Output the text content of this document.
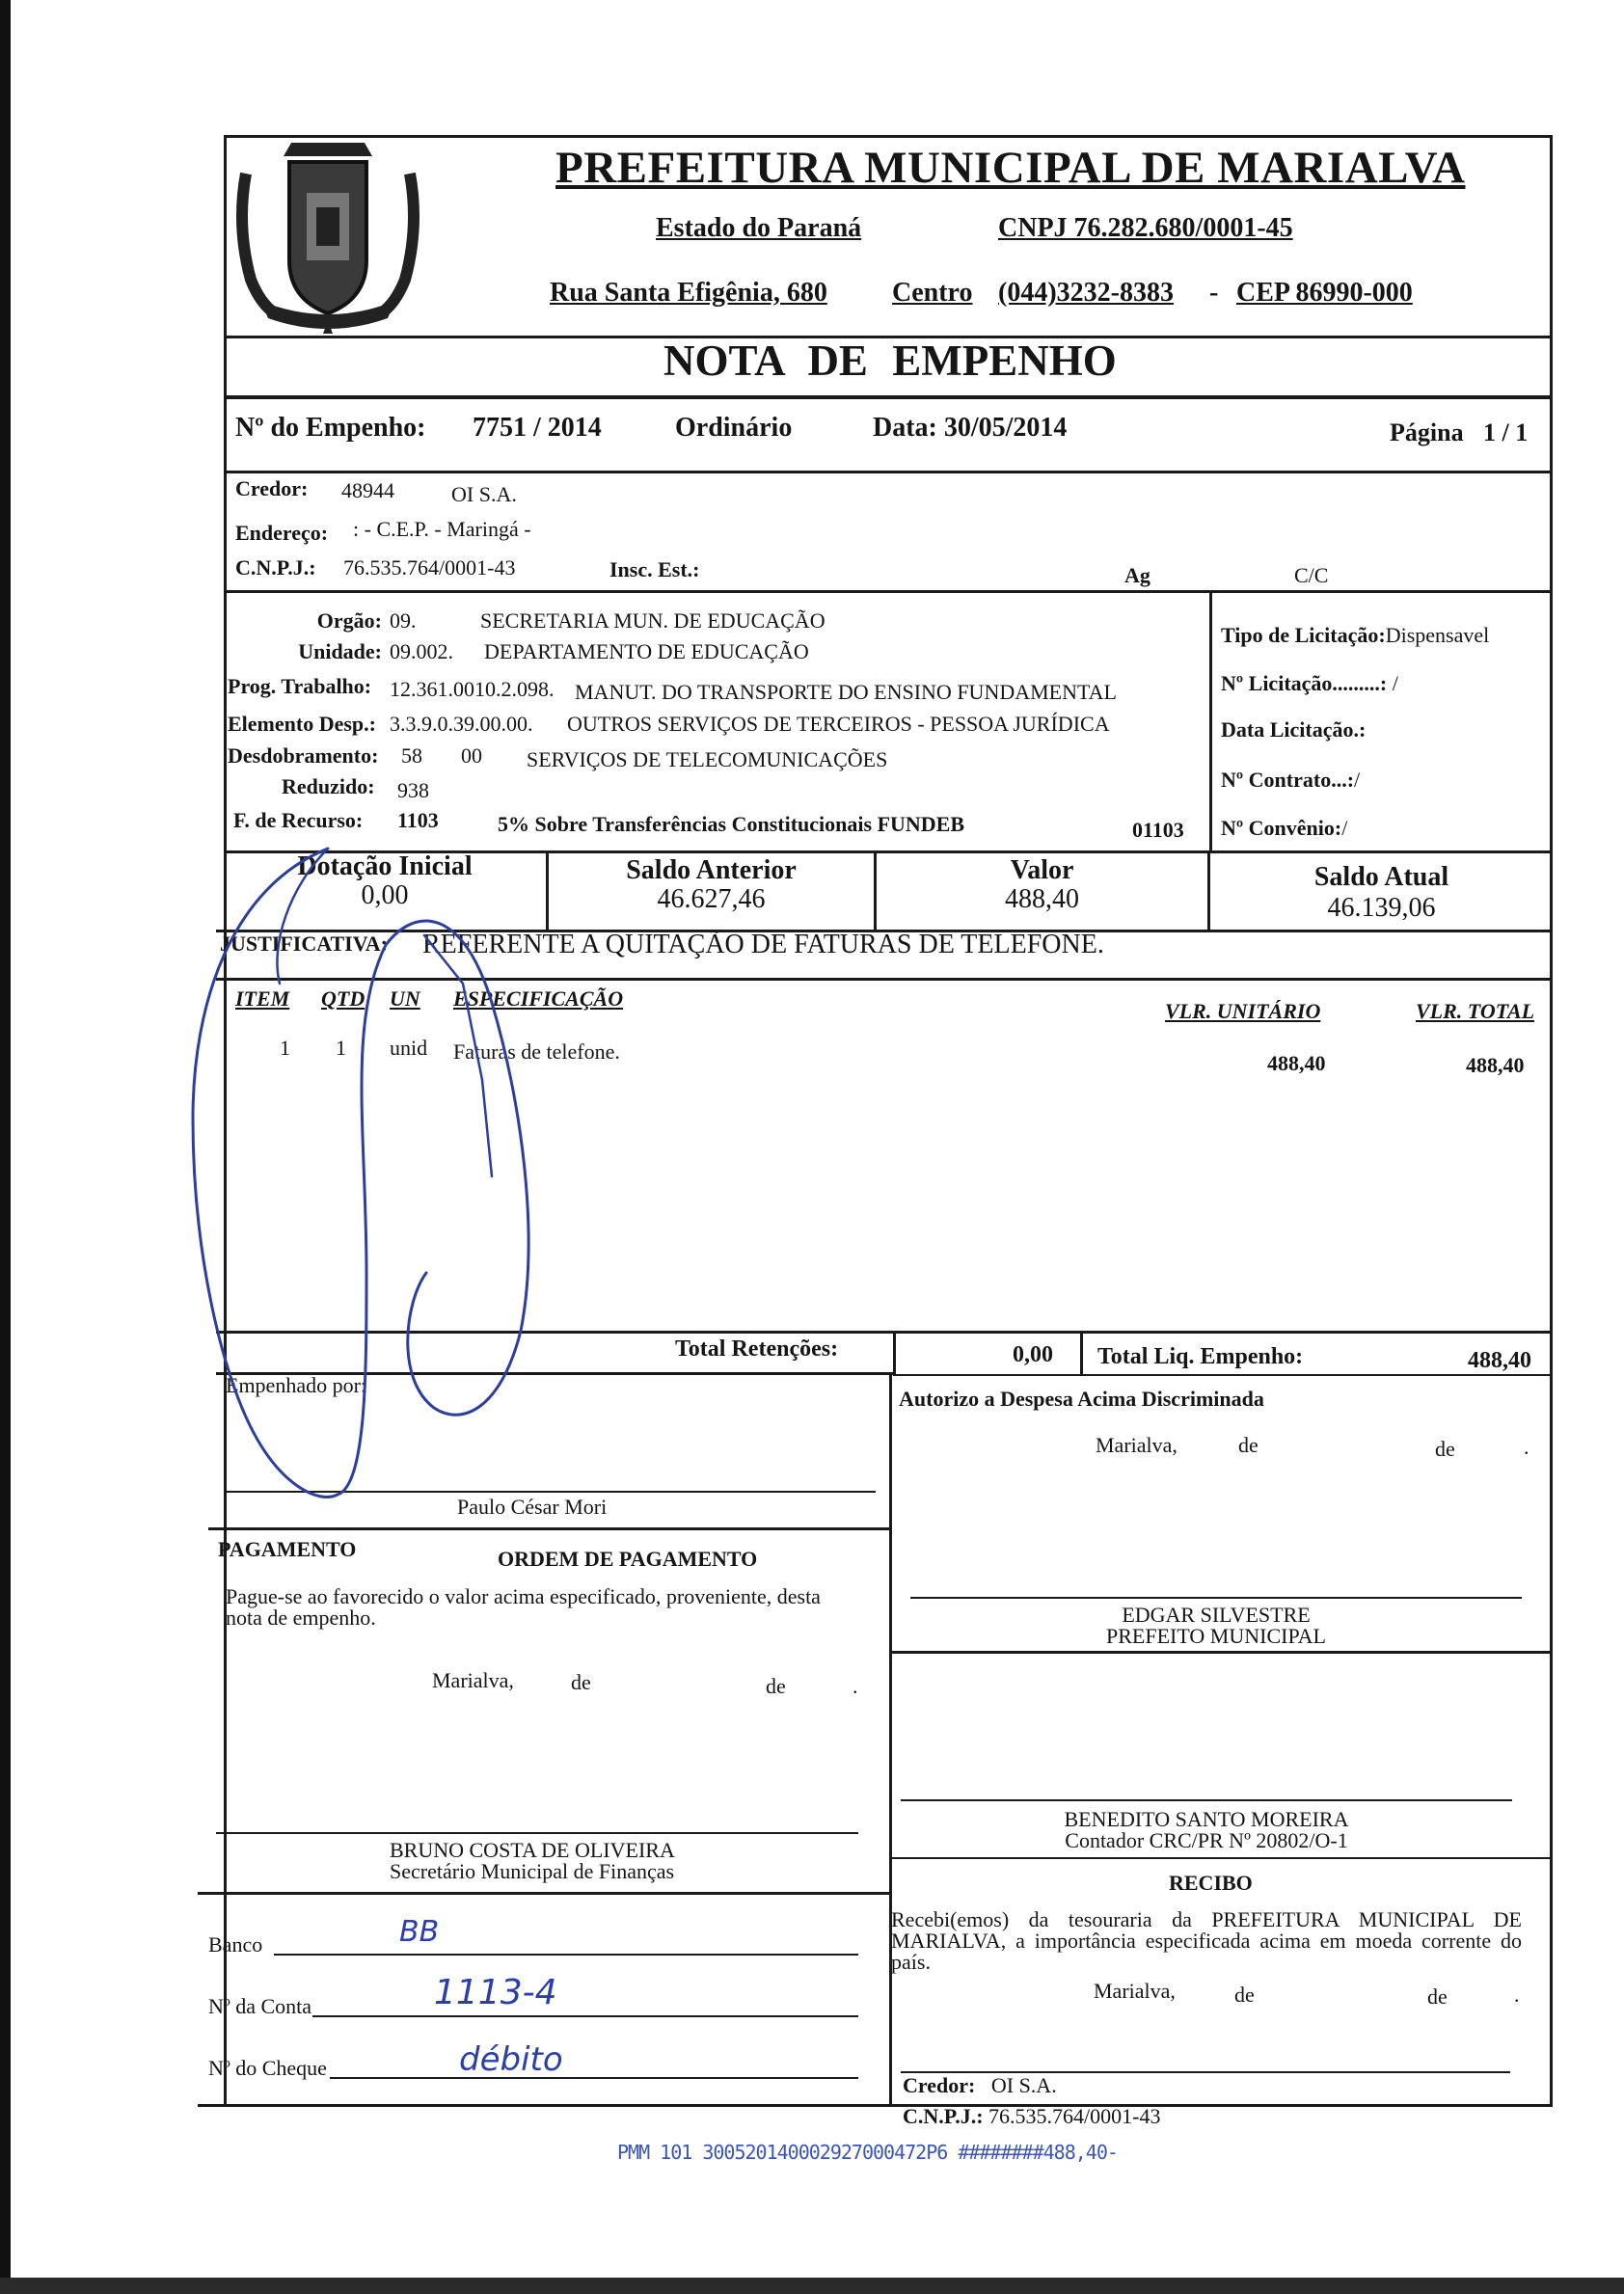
PREFEITURA MUNICIPAL DE MARIALVA
Estado do Paraná	CNPJ 76.282.680/0001-45
Rua Santa Efigênia, 680 Centro (044)3232-8383 - CEP 86990-000
NOTA DE EMPENHO
Nº do Empenho: 7751 / 2014	Ordinário	Data: 30/05/2014	Página 1 / 1
Credor: 48944	OI S.A.
Endereço: : - C.E.P. - Maringá -
C.N.P.J.: 76.535.764/0001-43	Insc. Est.:	Ag	C/C
Orgão: 09.	SECRETARIA MUN. DE EDUCAÇÃO
Unidade: 09.002. DEPARTAMENTO DE EDUCAÇÃO
Prog. Trabalho: 12.361.0010.2.098. MANUT. DO TRANSPORTE DO ENSINO FUNDAMENTAL
Elemento Desp.: 3.3.9.0.39.00.00. OUTROS SERVIÇOS DE TERCEIROS - PESSOA JURÍDICA
Desdobramento: 58 00 SERVIÇOS DE TELECOMUNICAÇÕES
Reduzido: 938
F. de Recurso: 1103	5% Sobre Transferências Constitucionais FUNDEB	01103
Tipo de Licitação:Dispensavel
Nº Licitação.........: /
Data Licitação.:
Nº Contrato...:/
Nº Convênio:/
Dotação Inicial
0,00
Saldo Anterior
46.627,46
Valor
488,40
Saldo Atual
46.139,06
JUSTIFICATIVA: REFERENTE A QUITAÇÃO DE FATURAS DE TELEFONE.
ITEM QTD UN ESPECIFICAÇÃO
VLR. UNITÁRIO	VLR. TOTAL
1 1 unid Faturas de telefone.	488,40	488,40
Total Retenções:	0,00 Total Liq. Empenho:	488,40
Empenhado por:
Paulo César Mori
Autorizo a Despesa Acima Discriminada
Marialva,	de	de	.
PAGAMENTO	ORDEM DE PAGAMENTO
Pague-se ao favorecido o valor acima especificado, proveniente, desta nota de empenho.
Marialva,	de	de	.
EDGAR SILVESTRE
PREFEITO MUNICIPAL
BENEDITO SANTO MOREIRA
Contador CRC/PR Nº 20802/O-1
BRUNO COSTA DE OLIVEIRA
Secretário Municipal de Finanças
Banco	BB
Nº da Conta	1113-4
Nº do Cheque	débito
RECIBO
Recebi(emos) da tesouraria da PREFEITURA MUNICIPAL DE MARIALVA, a importância especificada acima em moeda corrente do país.
Marialva,	de	de	.
Credor: OI S.A.
C.N.P.J.: 76.535.764/0001-43
PMM 101 300520140002927000472P6 ########488,40-
